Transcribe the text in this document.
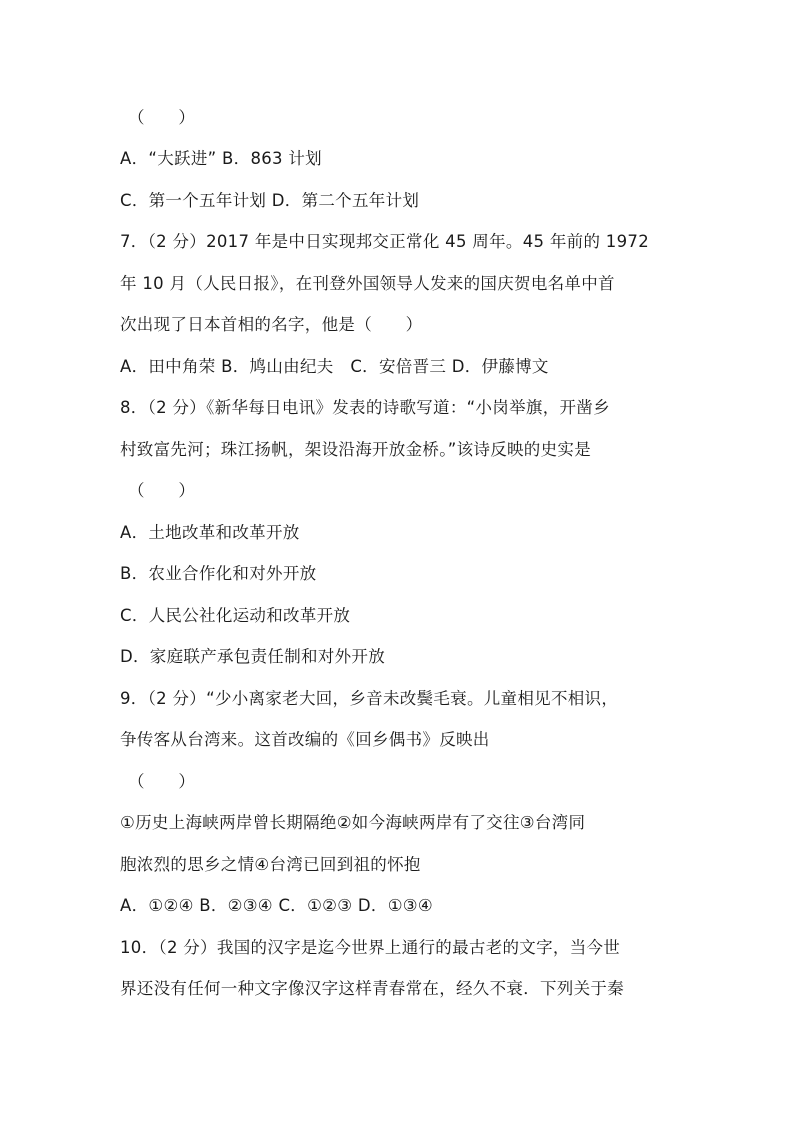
（　　）
A．“大跃进” B．863 计划
C．第一个五年计划 D．第二个五年计划
7．（2 分）2017 年是中日实现邦交正常化 45 周年。45 年前的 1972
年 10 月（人民日报》，在刊登外国领导人发来的国庆贺电名单中首
次出现了日本首相的名字，他是（　　）
A．田中角荣 B．鸠山由纪夫　C．安倍晋三 D．伊藤博文
8．（2 分）《新华每日电讯》发表的诗歌写道：“小岗举旗，开凿乡
村致富先河；珠江扬帆，架设沿海开放金桥。”该诗反映的史实是
（　　）
A．土地改革和改革开放
B．农业合作化和对外开放
C．人民公社化运动和改革开放
D．家庭联产承包责任制和对外开放
9．（2 分）“少小离家老大回，乡音未改鬓毛衰。儿童相见不相识，
争传客从台湾来。这首改编的《回乡偶书》反映出
（　　）
①历史上海峡两岸曾长期隔绝②如今海峡两岸有了交往③台湾同
胞浓烈的思乡之情④台湾已回到祖的怀抱
A．①②④ B．②③④ C．①②③ D．①③④
10．（2 分）我国的汉字是迄今世界上通行的最古老的文字，当今世
界还没有任何一种文字像汉字这样青春常在，经久不衰．下列关于秦
